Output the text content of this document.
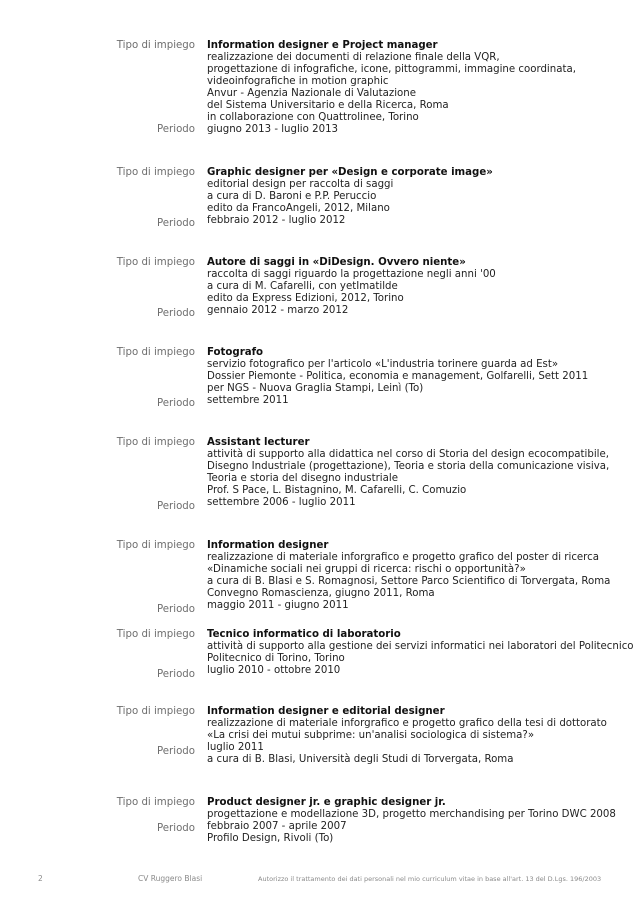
Tipo di impiego
Periodo
Information designer e Project manager
realizzazione dei documenti di relazione finale della VQR,
progettazione di infografiche, icone, pittogrammi, immagine coordinata,
videoinfografiche in motion graphic
Anvur - Agenzia Nazionale di Valutazione
del Sistema Universitario e della Ricerca, Roma
in collaborazione con Quattrolinee, Torino
giugno 2013 - luglio 2013
Tipo di impiego
Periodo
Graphic designer per «Design e corporate image»
editorial design per raccolta di saggi
a cura di D. Baroni e P.P. Peruccio
edito da FrancoAngeli, 2012, Milano
febbraio 2012 - luglio 2012
Tipo di impiego
Periodo
Autore di saggi in «DiDesign. Ovvero niente»
raccolta di saggi riguardo la progettazione negli anni '00
a cura di M. Cafarelli, con yetImatilde
edito da Express Edizioni, 2012, Torino
gennaio 2012 - marzo 2012
Tipo di impiego
Periodo
Fotografo
servizio fotografico per l'articolo «L'industria torinere guarda ad Est»
Dossier Piemonte - Politica, economia e management, Golfarelli, Sett 2011
per NGS - Nuova Graglia Stampi, Leinì (To)
settembre 2011
Tipo di impiego
Periodo
Assistant lecturer
attività di supporto alla didattica nel corso di Storia del design ecocompatibile,
Disegno Industriale (progettazione), Teoria e storia della comunicazione visiva,
Teoria e storia del disegno industriale
Prof. S Pace, L. Bistagnino, M. Cafarelli, C. Comuzio
settembre 2006 - luglio 2011
Tipo di impiego
Periodo
Information designer
realizzazione di materiale inforgrafico e progetto grafico del poster di ricerca
«Dinamiche sociali nei gruppi di ricerca: rischi o opportunità?»
a cura di B. Blasi e S. Romagnosi, Settore Parco Scientifico di Torvergata, Roma
Convegno Romascienza, giugno 2011, Roma
maggio 2011 - giugno 2011
Tipo di impiego
Periodo
Tecnico informatico di laboratorio
attività di supporto alla gestione dei servizi informatici nei laboratori del Politecnico
Politecnico di Torino, Torino
luglio 2010 - ottobre 2010
Tipo di impiego
Periodo
Information designer e editorial designer
realizzazione di materiale inforgrafico e progetto grafico della tesi di dottorato
«La crisi dei mutui subprime: un'analisi sociologica di sistema?»
luglio 2011
a cura di B. Blasi, Università degli Studi di Torvergata, Roma
Tipo di impiego
Periodo
Product designer jr. e graphic designer jr.
progettazione e modellazione 3D, progetto merchandising per Torino DWC 2008
febbraio 2007 - aprile 2007
Profilo Design, Rivoli (To)
2	CV Ruggero Blasi	Autorizzo il trattamento dei dati personali nel mio curriculum vitae in base all'art. 13 del D.Lgs. 196/2003
